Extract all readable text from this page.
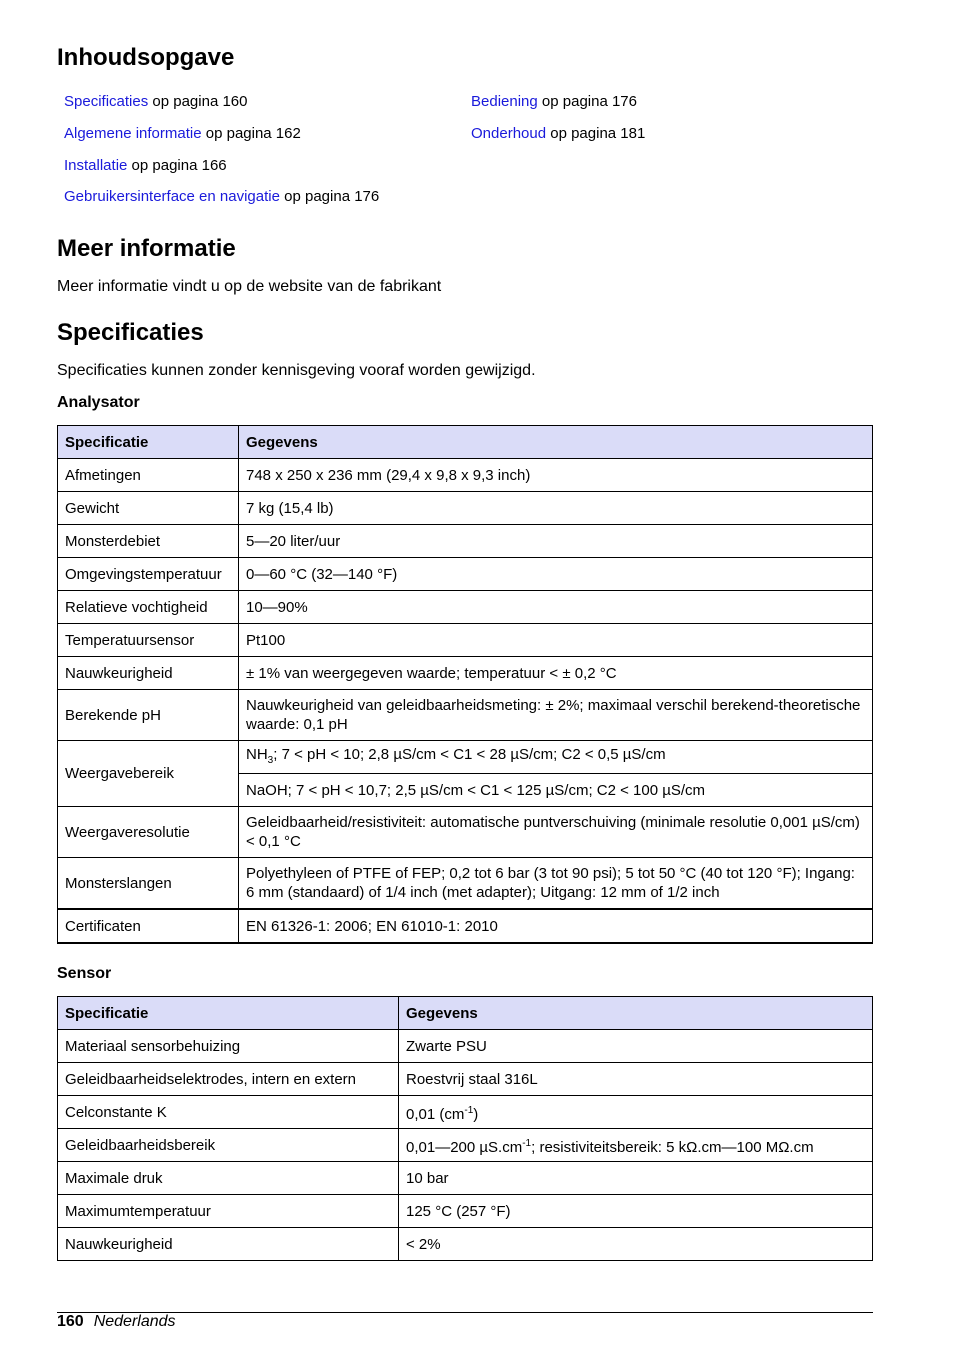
Inhoudsopgave
Specificaties op pagina 160
Algemene informatie op pagina 162
Installatie op pagina 166
Gebruikersinterface en navigatie op pagina 176
Bediening op pagina 176
Onderhoud op pagina 181
Meer informatie
Meer informatie vindt u op de website van de fabrikant
Specificaties
Specificaties kunnen zonder kennisgeving vooraf worden gewijzigd.
Analysator
Specificatie	Gegevens
Afmetingen	748 x 250 x 236 mm (29,4 x 9,8 x 9,3 inch)
Gewicht	7 kg (15,4 lb)
Monsterdebiet	5—20 liter/uur
Omgevingstemperatuur	0—60 °C (32—140 °F)
Relatieve vochtigheid	10—90%
Temperatuursensor	Pt100
Nauwkeurigheid	± 1% van weergegeven waarde; temperatuur < ± 0,2 °C
Berekende pH	Nauwkeurigheid van geleidbaarheidsmeting: ± 2%; maximaal verschil berekend-theoretische waarde: 0,1 pH
Weergavebereik	$NH_3$; 7 < pH < 10; 2,8 µS/cm < C1 < 28 µS/cm; C2 < 0,5 µS/cm
	NaOH; 7 < pH < 10,7; 2,5 µS/cm < C1 < 125 µS/cm; C2 < 100 µS/cm
Weergaveresolutie	Geleidbaarheid/resistiviteit: automatische puntverschuiving (minimale resolutie 0,001 µS/cm) < 0,1 °C
Monsterslangen	Polyethyleen of PTFE of FEP; 0,2 tot 6 bar (3 tot 90 psi); 5 tot 50 °C (40 tot 120 °F); Ingang: 6 mm (standaard) of 1/4 inch (met adapter); Uitgang: 12 mm of 1/2 inch
Certificaten	EN 61326-1: 2006; EN 61010-1: 2010
Sensor
Specificatie	Gegevens
Materiaal sensorbehuizing	Zwarte PSU
Geleidbaarheidselektrodes, intern en extern	Roestvrij staal 316L
Celconstante K	0,01 $(cm^{-1})$
Geleidbaarheidsbereik	0,01—200 $\mu S.cm^{-1}$; resistiviteitsbereik: 5 kΩ.cm—100 MΩ.cm
Maximale druk	10 bar
Maximumtemperatuur	125 °C (257 °F)
Nauwkeurigheid	< 2%
160 Nederlands
